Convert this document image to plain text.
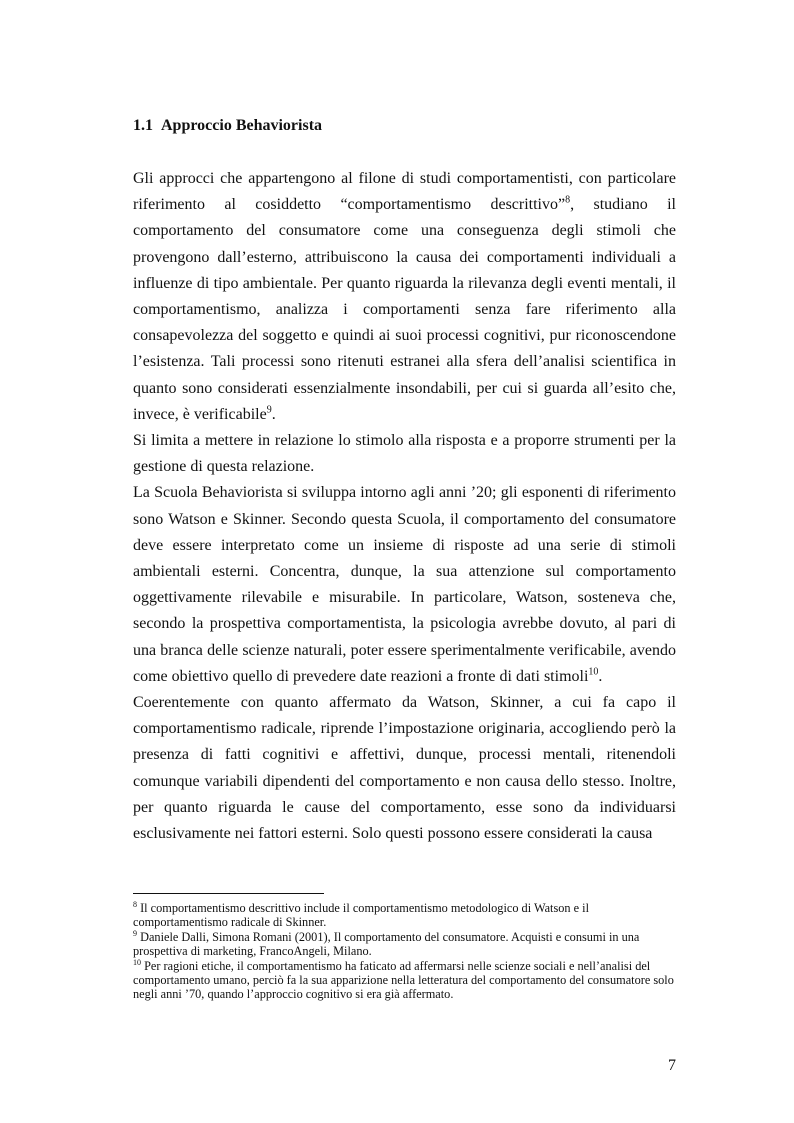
1.1 Approccio Behaviorista

Gli approcci che appartengono al filone di studi comportamentisti, con particolare riferimento al cosiddetto “comportamentismo descrittivo”$^8$, studiano il comportamento del consumatore come una conseguenza degli stimoli che provengono dall’esterno, attribuiscono la causa dei comportamenti individuali a influenze di tipo ambientale. Per quanto riguarda la rilevanza degli eventi mentali, il comportamentismo, analizza i comportamenti senza fare riferimento alla consapevolezza del soggetto e quindi ai suoi processi cognitivi, pur riconoscendone l’esistenza. Tali processi sono ritenuti estranei alla sfera dell’analisi scientifica in quanto sono considerati essenzialmente insondabili, per cui si guarda all’esito che, invece, è verificabile$^9$.

Si limita a mettere in relazione lo stimolo alla risposta e a proporre strumenti per la gestione di questa relazione.

La Scuola Behaviorista si sviluppa intorno agli anni ’20; gli esponenti di riferimento sono Watson e Skinner. Secondo questa Scuola, il comportamento del consumatore deve essere interpretato come un insieme di risposte ad una serie di stimoli ambientali esterni. Concentra, dunque, la sua attenzione sul comportamento oggettivamente rilevabile e misurabile. In particolare, Watson, sosteneva che, secondo la prospettiva comportamentista, la psicologia avrebbe dovuto, al pari di una branca delle scienze naturali, poter essere sperimentalmente verificabile, avendo come obiettivo quello di prevedere date reazioni a fronte di dati stimoli$^{10}$.

Coerentemente con quanto affermato da Watson, Skinner, a cui fa capo il comportamentismo radicale, riprende l’impostazione originaria, accogliendo però la presenza di fatti cognitivi e affettivi, dunque, processi mentali, ritenendoli comunque variabili dipendenti del comportamento e non causa dello stesso. Inoltre, per quanto riguarda le cause del comportamento, esse sono da individuarsi esclusivamente nei fattori esterni. Solo questi possono essere considerati la causa

$^8$ Il comportamentismo descrittivo include il comportamentismo metodologico di Watson e il comportamentismo radicale di Skinner.

$^9$ Daniele Dalli, Simona Romani (2001), Il comportamento del consumatore. Acquisti e consumi in una prospettiva di marketing, FrancoAngeli, Milano.

$^{10}$ Per ragioni etiche, il comportamentismo ha faticato ad affermarsi nelle scienze sociali e nell’analisi del comportamento umano, perciò fa la sua apparizione nella letteratura del comportamento del consumatore solo negli anni ’70, quando l’approccio cognitivo si era già affermato.

7
